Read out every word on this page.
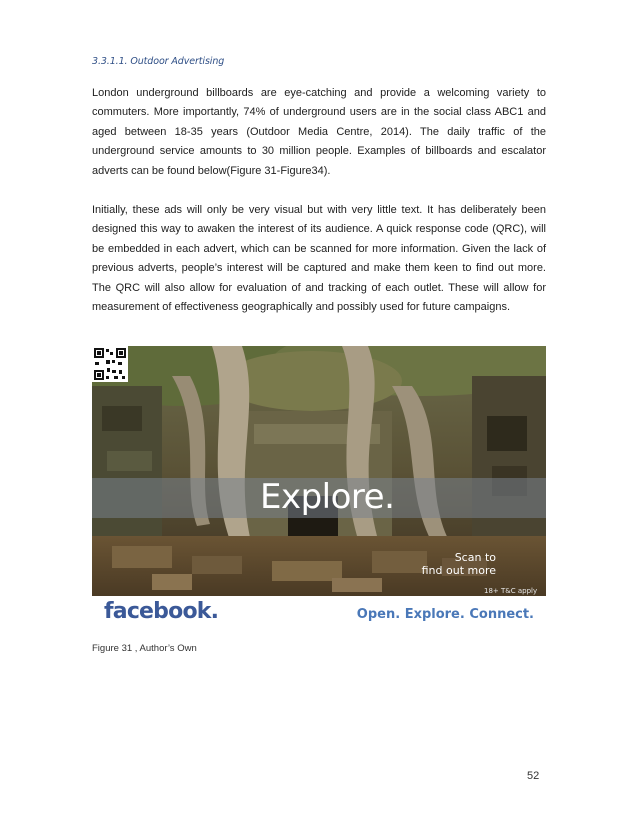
3.3.1.1. Outdoor Advertising
London underground billboards are eye-catching and provide a welcoming variety to commuters. More importantly, 74% of underground users are in the social class ABC1 and aged between 18-35 years (Outdoor Media Centre, 2014). The daily traffic of the underground service amounts to 30 million people. Examples of billboards and escalator adverts can be found below(Figure 31-Figure34).
Initially, these ads will only be very visual but with very little text. It has deliberately been designed this way to awaken the interest of its audience. A quick response code (QRC), will be embedded in each advert, which can be scanned for more information. Given the lack of previous adverts, people’s interest will be captured and make them keen to find out more. The QRC will also allow for evaluation of and tracking of each outlet. These will allow for measurement of effectiveness geographically and possibly used for future campaigns.
Explore.
Scan to
find out more
18+ T&C apply
facebook.	Open. Explore. Connect.
Figure 31 , Author’s Own
52
